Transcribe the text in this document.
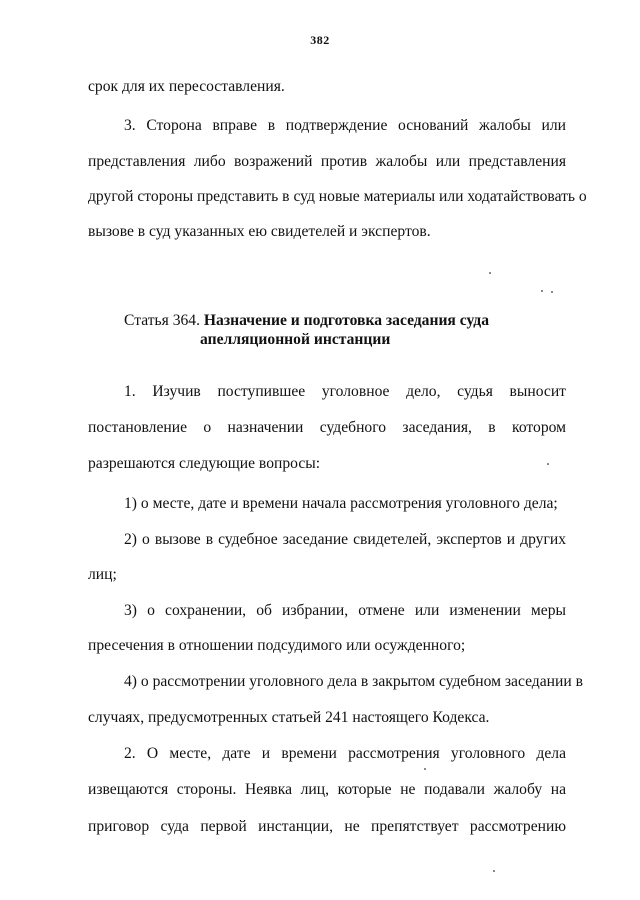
382
срок для их пересоставления.
3. Сторона вправе в подтверждение оснований жалобы или
представления либо возражений против жалобы или представления
другой стороны представить в суд новые материалы или ходатайствовать о
вызове в суд указанных ею свидетелей и экспертов.
Статья 364. Назначение и подготовка заседания суда
апелляционной инстанции
1. Изучив поступившее уголовное дело, судья выносит
постановление о назначении судебного заседания, в котором
разрешаются следующие вопросы:
1) о месте, дате и времени начала рассмотрения уголовного дела;
2) о вызове в судебное заседание свидетелей, экспертов и других
лиц;
3) о сохранении, об избрании, отмене или изменении меры
пресечения в отношении подсудимого или осужденного;
4) о рассмотрении уголовного дела в закрытом судебном заседании в
случаях, предусмотренных статьей 241 настоящего Кодекса.
2. О месте, дате и времени рассмотрения уголовного дела
извещаются стороны. Неявка лиц, которые не подавали жалобу на
приговор суда первой инстанции, не препятствует рассмотрению
